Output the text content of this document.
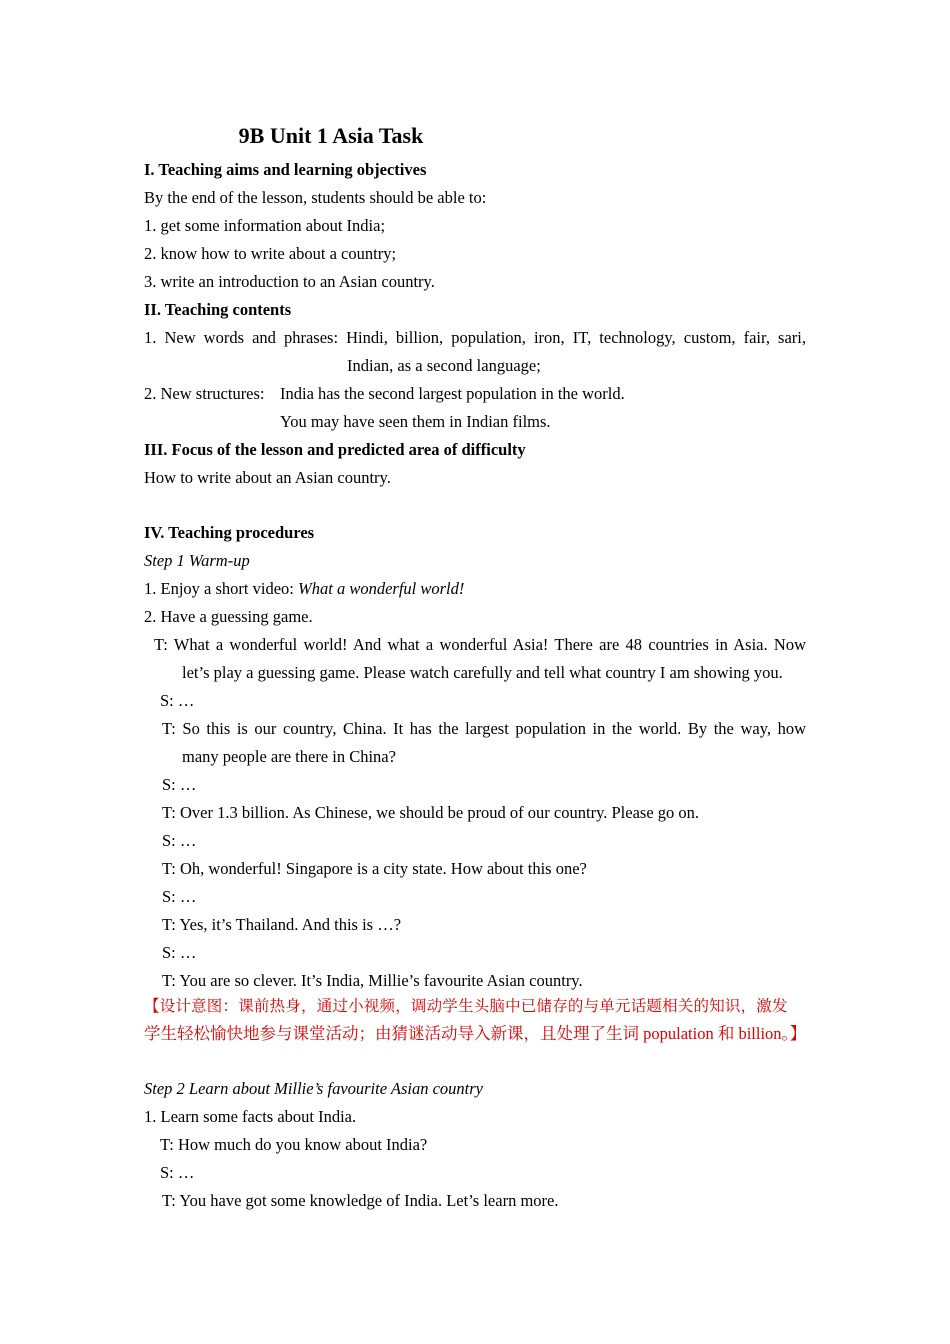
9B Unit 1 Asia Task
I. Teaching aims and learning objectives
By the end of the lesson, students should be able to:
1. get some information about India;
2. know how to write about a country;
3. write an introduction to an Asian country.
II. Teaching contents
1. New words and phrases: Hindi, billion, population, iron, IT, technology, custom, fair, sari,
Indian, as a second language;
2. New structures: India has the second largest population in the world.
You may have seen them in Indian films.
III. Focus of the lesson and predicted area of difficulty
How to write about an Asian country.
IV. Teaching procedures
Step 1 Warm-up
1. Enjoy a short video: What a wonderful world!
2. Have a guessing game.
T: What a wonderful world! And what a wonderful Asia! There are 48 countries in Asia. Now
let’s play a guessing game. Please watch carefully and tell what country I am showing you.
S: …
T: So this is our country, China. It has the largest population in the world. By the way, how
many people are there in China?
S: …
T: Over 1.3 billion. As Chinese, we should be proud of our country. Please go on.
S: …
T: Oh, wonderful! Singapore is a city state. How about this one?
S: …
T: Yes, it’s Thailand. And this is …?
S: …
T: You are so clever. It’s India, Millie’s favourite Asian country.
【设计意图：课前热身，通过小视频，调动学生头脑中已储存的与单元话题相关的知识，激发
学生轻松愉快地参与课堂活动；由猜谜活动导入新课，且处理了生词 population 和 billion。】
Step 2 Learn about Millie’s favourite Asian country
1. Learn some facts about India.
T: How much do you know about India?
S: …
T: You have got some knowledge of India. Let’s learn more.
